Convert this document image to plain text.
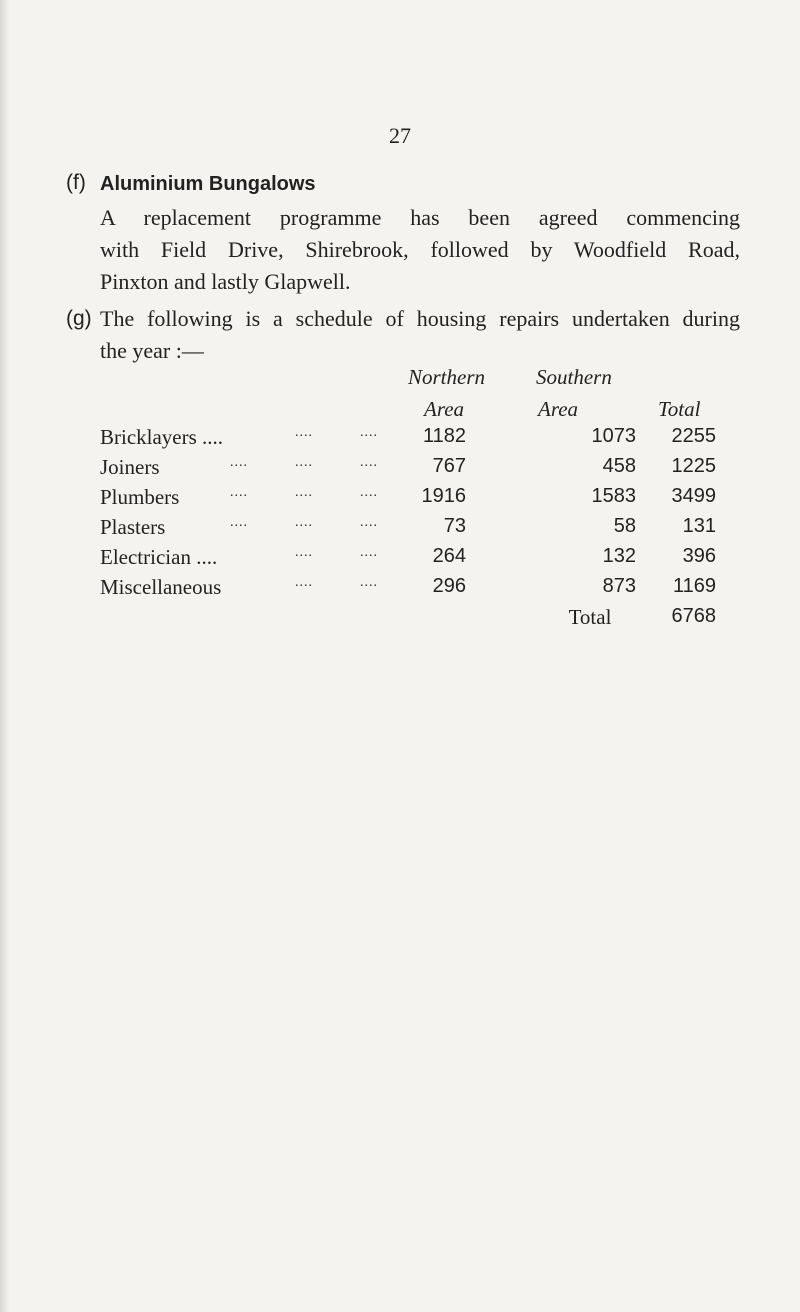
27
(f) Aluminium Bungalows
A replacement programme has been agreed commencing
with Field Drive, Shirebrook, followed by Woodfield Road,
Pinxton and lastly Glapwell.
(g) The following is a schedule of housing repairs undertaken during
the year :—
Northern
Area
Southern
Area	Total
Bricklayers ....	....	....	1182	1073	2255
Joiners	....	....	....	767	458	1225
Plumbers	....	....	....	1916	1583	3499
Plasters	....	....	....	73	58	131
Electrician ....	....	....	264	132	396
Miscellaneous	....	....	296	873	1169
Total	6768
